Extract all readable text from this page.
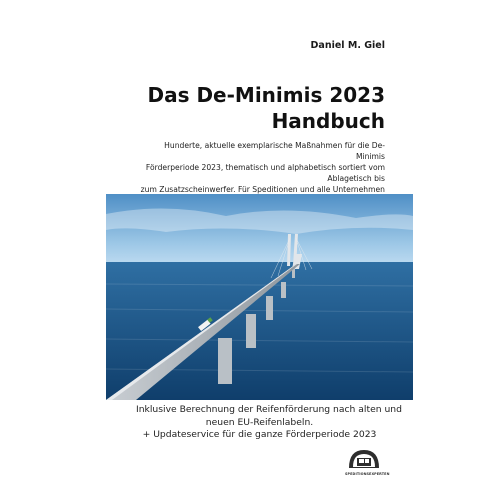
Daniel M. Giel
Das De-Minimis 2023
Handbuch
Hunderte, aktuelle exemplarische Maßnahmen für die De-Minimis
Förderperiode 2023, thematisch und alphabetisch sortiert vom Ablagetisch bis
zum Zusatzscheinwerfer. Für Speditionen und alle Unternehmen
Inklusive Berechnung der Reifenförderung nach alten und
neuen EU-Reifenlabeln.
+ Updateservice für die ganze Förderperiode 2023
SPEDITIONSEXPERTEN
